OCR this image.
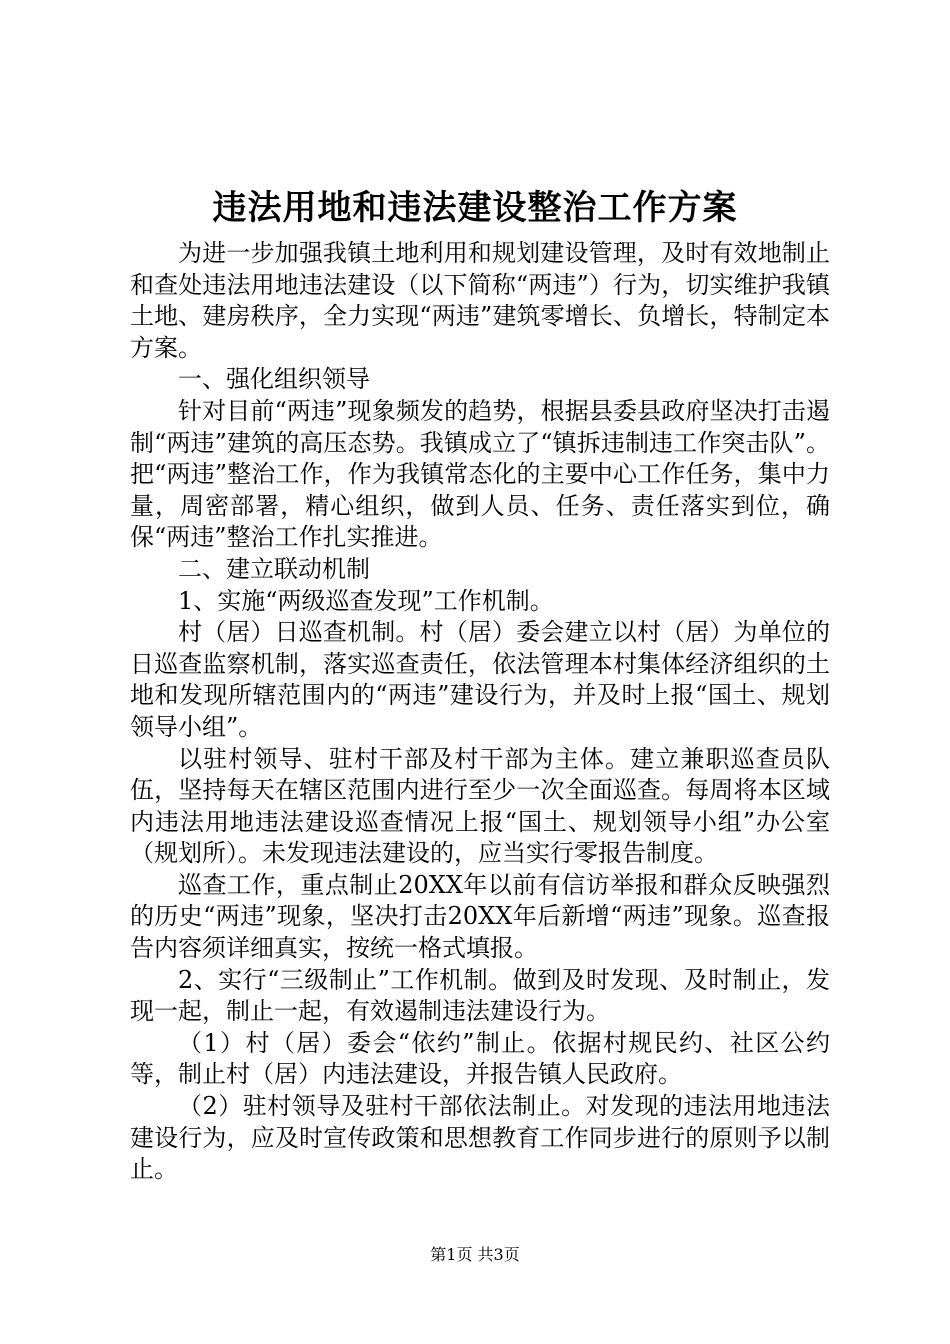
违法用地和违法建设整治工作方案

为进一步加强我镇土地利用和规划建设管理，及时有效地制止和查处违法用地违法建设（以下简称“两违”）行为，切实维护我镇土地、建房秩序，全力实现“两违”建筑零增长、负增长，特制定本方案。

一、强化组织领导

针对目前“两违”现象频发的趋势，根据县委县政府坚决打击遏制“两违”建筑的高压态势。我镇成立了“镇拆违制违工作突击队”。把“两违”整治工作，作为我镇常态化的主要中心工作任务，集中力量，周密部署，精心组织，做到人员、任务、责任落实到位，确保“两违”整治工作扎实推进。

二、建立联动机制

1、实施“两级巡查发现”工作机制。

村（居）日巡查机制。村（居）委会建立以村（居）为单位的日巡查监察机制，落实巡查责任，依法管理本村集体经济组织的土地和发现所辖范围内的“两违”建设行为，并及时上报“国土、规划领导小组”。

以驻村领导、驻村干部及村干部为主体。建立兼职巡查员队伍，坚持每天在辖区范围内进行至少一次全面巡查。每周将本区域内违法用地违法建设巡查情况上报“国土、规划领导小组”办公室（规划所）。未发现违法建设的，应当实行零报告制度。

巡查工作，重点制止20XX年以前有信访举报和群众反映强烈的历史“两违”现象，坚决打击20XX年后新增“两违”现象。巡查报告内容须详细真实，按统一格式填报。

2、实行“三级制止”工作机制。做到及时发现、及时制止，发现一起，制止一起，有效遏制违法建设行为。

（1）村（居）委会“依约”制止。依据村规民约、社区公约等，制止村（居）内违法建设，并报告镇人民政府。

（2）驻村领导及驻村干部依法制止。对发现的违法用地违法建设行为，应及时宣传政策和思想教育工作同步进行的原则予以制止。

第1页 共3页
